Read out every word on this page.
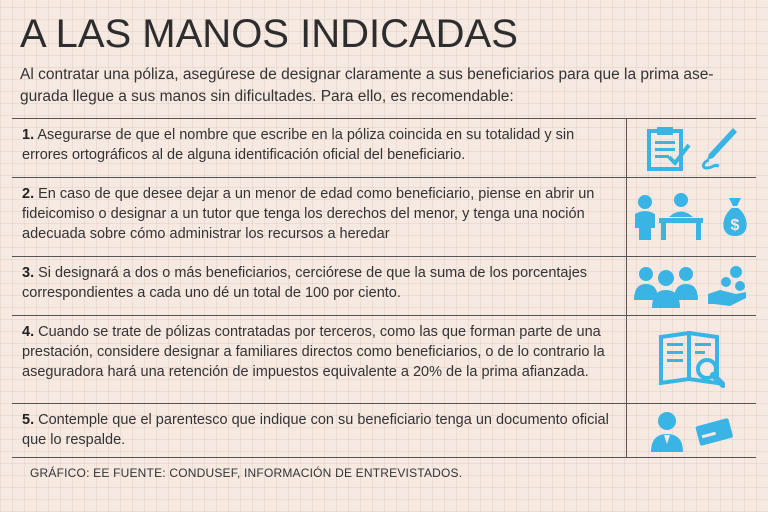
A LAS MANOS INDICADAS
Al contratar una póliza, asegúrese de designar claramente a sus beneficiarios para que la prima ase- gurada llegue a sus manos sin dificultades. Para ello, es recomendable:
1. Asegurarse de que el nombre que escribe en la póliza coincida en su totalidad y sin errores ortográficos al de alguna identificación oficial del beneficiario.
2. En caso de que desee dejar a un menor de edad como beneficiario, piense en abrir un fideicomiso o designar a un tutor que tenga los derechos del menor, y tenga una noción adecuada sobre cómo administrar los recursos a heredar	$
3. Si designará a dos o más beneficiarios, cerciórese de que la suma de los porcentajes correspondientes a cada uno dé un total de 100 por ciento.
4. Cuando se trate de pólizas contratadas por terceros, como las que forman parte de una prestación, considere designar a familiares directos como beneficiarios, o de lo contrario la aseguradora hará una retención de impuestos equivalente a 20% de la prima afianzada.
5. Contemple que el parentesco que indique con su beneficiario tenga un documento oficial que lo respalde.
GRÁFICO: EE FUENTE: CONDUSEF, INFORMACIÓN DE ENTREVISTADOS.
